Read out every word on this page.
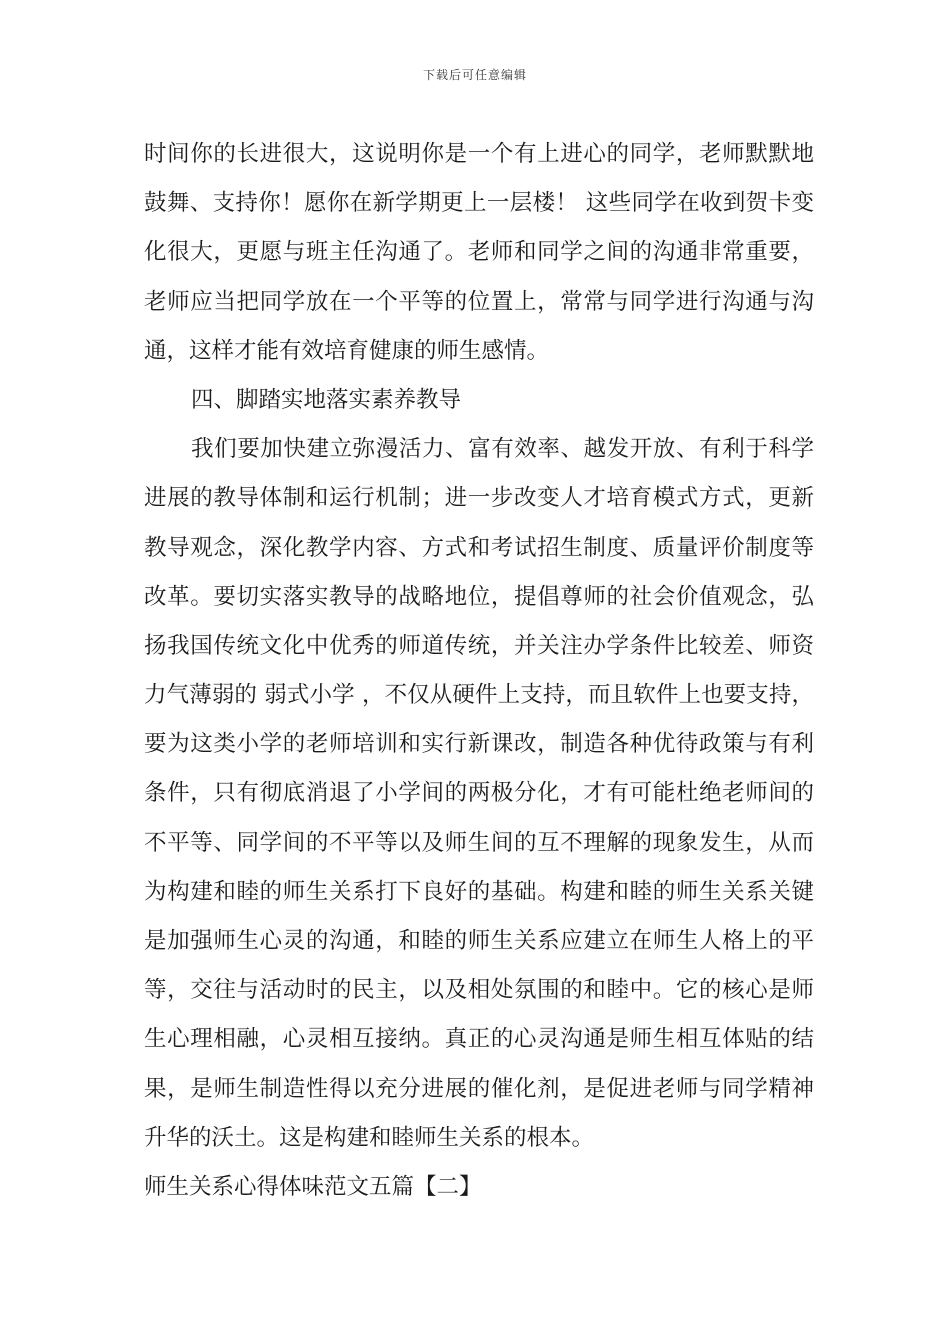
下载后可任意编辑
时间你的长进很大，这说明你是一个有上进心的同学，老师默默地
鼓舞、支持你！愿你在新学期更上一层楼！ 这些同学在收到贺卡变
化很大，更愿与班主任沟通了。老师和同学之间的沟通非常重要，
老师应当把同学放在一个平等的位置上，常常与同学进行沟通与沟
通，这样才能有效培育健康的师生感情。
四、脚踏实地落实素养教导
我们要加快建立弥漫活力、富有效率、越发开放、有利于科学
进展的教导体制和运行机制；进一步改变人才培育模式方式，更新
教导观念，深化教学内容、方式和考试招生制度、质量评价制度等
改革。要切实落实教导的战略地位，提倡尊师的社会价值观念，弘
扬我国传统文化中优秀的师道传统，并关注办学条件比较差、师资
力气薄弱的 弱式小学 ，不仅从硬件上支持，而且软件上也要支持，
要为这类小学的老师培训和实行新课改，制造各种优待政策与有利
条件，只有彻底消退了小学间的两极分化，才有可能杜绝老师间的
不平等、同学间的不平等以及师生间的互不理解的现象发生，从而
为构建和睦的师生关系打下良好的基础。构建和睦的师生关系关键
是加强师生心灵的沟通，和睦的师生关系应建立在师生人格上的平
等，交往与活动时的民主，以及相处氛围的和睦中。它的核心是师
生心理相融，心灵相互接纳。真正的心灵沟通是师生相互体贴的结
果，是师生制造性得以充分进展的催化剂，是促进老师与同学精神
升华的沃土。这是构建和睦师生关系的根本。
师生关系心得体味范文五篇【二】
